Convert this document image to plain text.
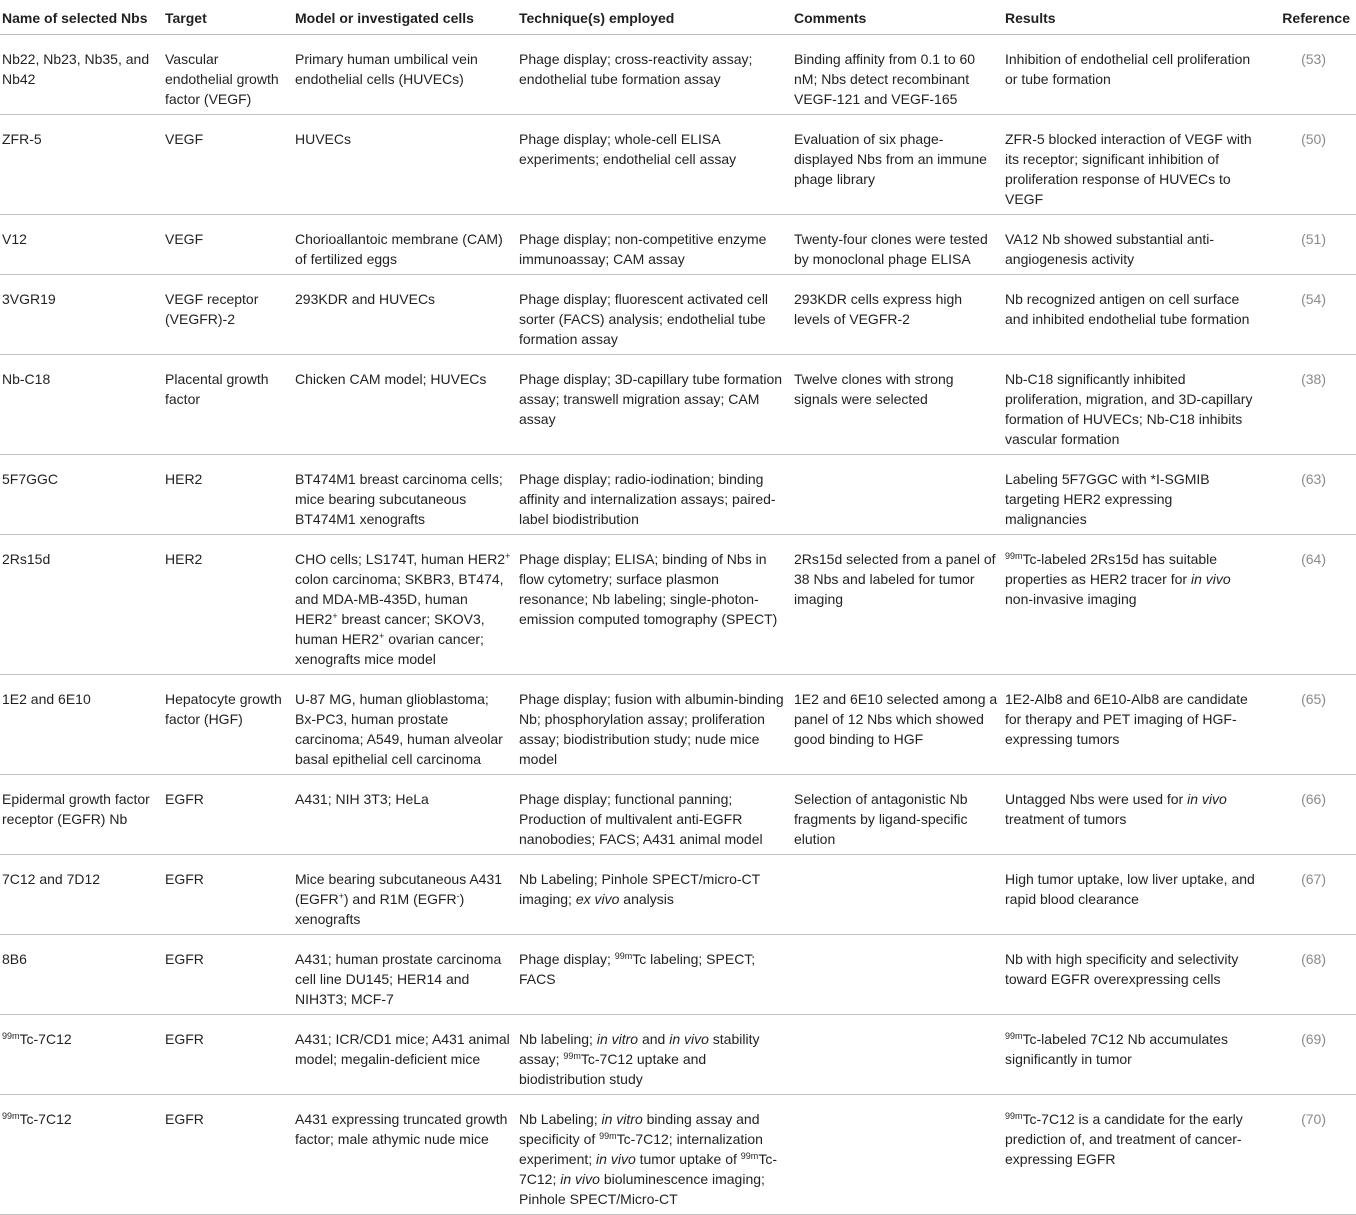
Name of selected Nbs	Target	Model or investigated cells	Technique(s) employed	Comments	Results	Reference
Nb22, Nb23, Nb35, and Nb42	Vascular endothelial growth factor (VEGF)	Primary human umbilical vein endothelial cells (HUVECs)	Phage display; cross-reactivity assay; endothelial tube formation assay	Binding affinity from 0.1 to 60 nM; Nbs detect recombinant VEGF-121 and VEGF-165	Inhibition of endothelial cell proliferation or tube formation	(53)
ZFR-5	VEGF	HUVECs	Phage display; whole-cell ELISA experiments; endothelial cell assay	Evaluation of six phage-displayed Nbs from an immune phage library	ZFR-5 blocked interaction of VEGF with its receptor; significant inhibition of proliferation response of HUVECs to VEGF	(50)
V12	VEGF	Chorioallantoic membrane (CAM) of fertilized eggs	Phage display; non-competitive enzyme immunoassay; CAM assay	Twenty-four clones were tested by monoclonal phage ELISA	VA12 Nb showed substantial anti-angiogenesis activity	(51)
3VGR19	VEGF receptor (VEGFR)-2	293KDR and HUVECs	Phage display; fluorescent activated cell sorter (FACS) analysis; endothelial tube formation assay	293KDR cells express high levels of VEGFR-2	Nb recognized antigen on cell surface and inhibited endothelial tube formation	(54)
Nb-C18	Placental growth factor	Chicken CAM model; HUVECs	Phage display; 3D-capillary tube formation assay; transwell migration assay; CAM assay	Twelve clones with strong signals were selected	Nb-C18 significantly inhibited proliferation, migration, and 3D-capillary formation of HUVECs; Nb-C18 inhibits vascular formation	(38)
5F7GGC	HER2	BT474M1 breast carcinoma cells; mice bearing subcutaneous BT474M1 xenografts	Phage display; radio-iodination; binding affinity and internalization assays; paired-label biodistribution		Labeling 5F7GGC with *I-SGMIB targeting HER2 expressing malignancies	(63)
2Rs15d	HER2	CHO cells; LS174T, human HER2+ colon carcinoma; SKBR3, BT474, and MDA-MB-435D, human HER2+ breast cancer; SKOV3, human HER2+ ovarian cancer; xenografts mice model	Phage display; ELISA; binding of Nbs in flow cytometry; surface plasmon resonance; Nb labeling; single-photon-emission computed tomography (SPECT)	2Rs15d selected from a panel of 38 Nbs and labeled for tumor imaging	$^{99m}$Tc-labeled 2Rs15d has suitable properties as HER2 tracer for in vivo non-invasive imaging	(64)
1E2 and 6E10	Hepatocyte growth factor (HGF)	U-87 MG, human glioblastoma; Bx-PC3, human prostate carcinoma; A549, human alveolar basal epithelial cell carcinoma	Phage display; fusion with albumin-binding Nb; phosphorylation assay; proliferation assay; biodistribution study; nude mice model	1E2 and 6E10 selected among a panel of 12 Nbs which showed good binding to HGF	1E2-Alb8 and 6E10-Alb8 are candidate for therapy and PET imaging of HGF-expressing tumors	(65)
Epidermal growth factor receptor (EGFR) Nb	EGFR	A431; NIH 3T3; HeLa	Phage display; functional panning; Production of multivalent anti-EGFR nanobodies; FACS; A431 animal model	Selection of antagonistic Nb fragments by ligand-specific elution	Untagged Nbs were used for in vivo treatment of tumors	(66)
7C12 and 7D12	EGFR	Mice bearing subcutaneous A431 (EGFR+) and R1M (EGFR-) xenografts	Nb Labeling; Pinhole SPECT/micro-CT imaging; ex vivo analysis		High tumor uptake, low liver uptake, and rapid blood clearance	(67)
8B6	EGFR	A431; human prostate carcinoma cell line DU145; HER14 and NIH3T3; MCF-7	Phage display; $^{99m}$Tc labeling; SPECT; FACS		Nb with high specificity and selectivity toward EGFR overexpressing cells	(68)
$^{99m}$Tc-7C12	EGFR	A431; ICR/CD1 mice; A431 animal model; megalin-deficient mice	Nb labeling; in vitro and in vivo stability assay; $^{99m}$Tc-7C12 uptake and biodistribution study		$^{99m}$Tc-labeled 7C12 Nb accumulates significantly in tumor	(69)
$^{99m}$Tc-7C12	EGFR	A431 expressing truncated growth factor; male athymic nude mice	Nb Labeling; in vitro binding assay and specificity of $^{99m}$Tc-7C12; internalization experiment; in vivo tumor uptake of $^{99m}$Tc-7C12; in vivo bioluminescence imaging; Pinhole SPECT/Micro-CT		$^{99m}$Tc-7C12 is a candidate for the early prediction of, and treatment of cancer-expressing EGFR	(70)
